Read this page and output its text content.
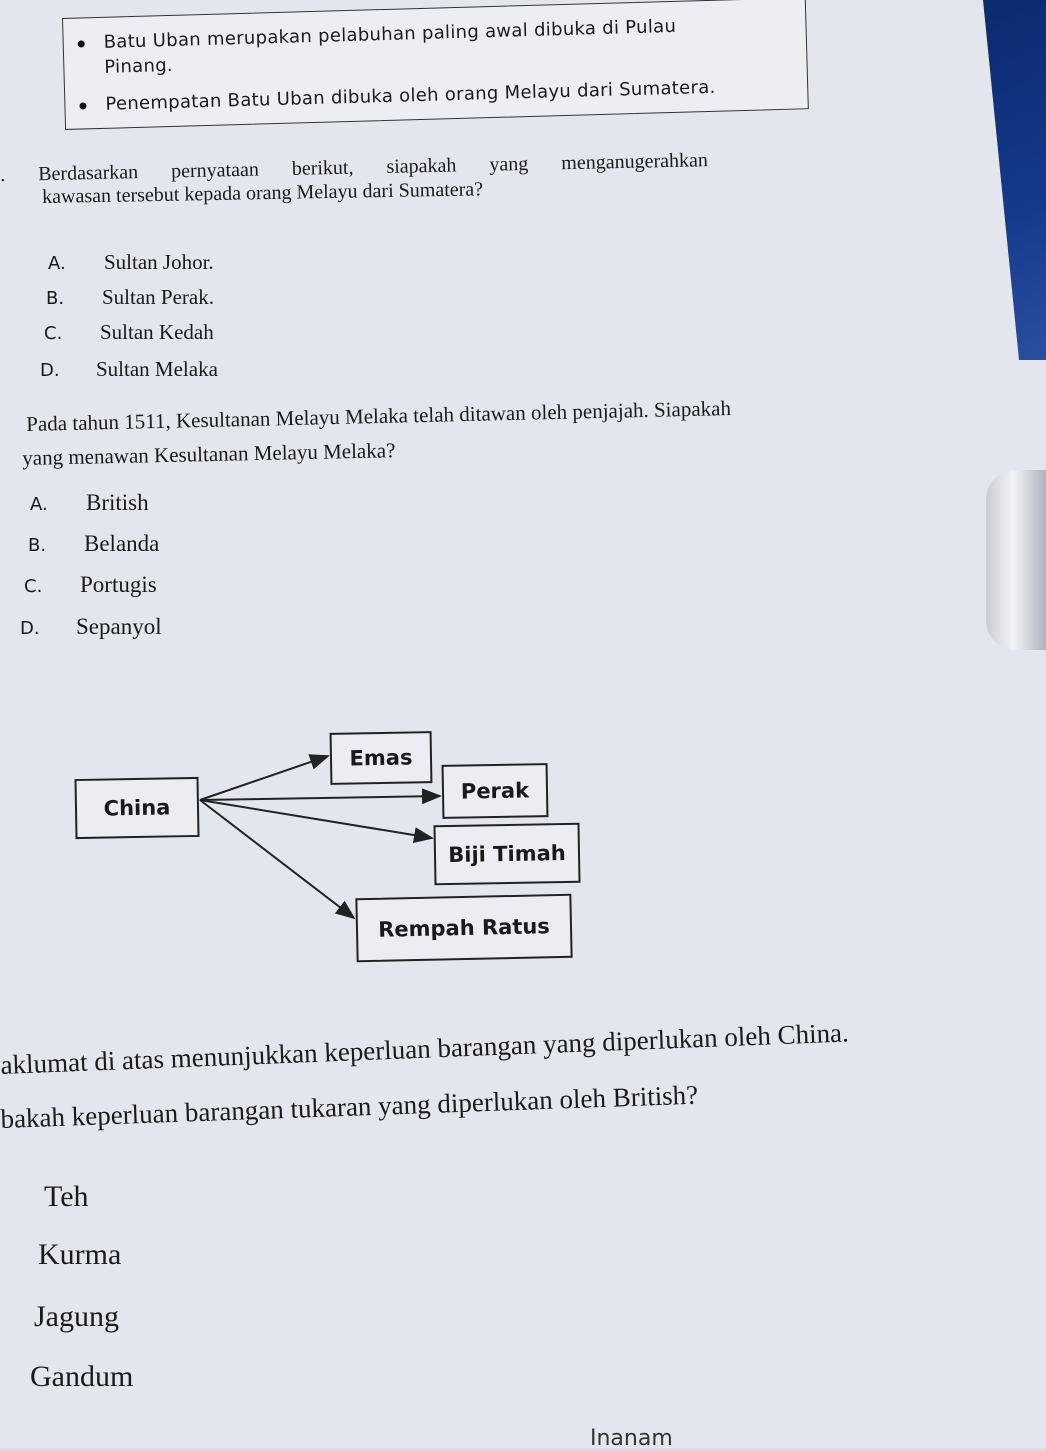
Batu Uban merupakan pelabuhan paling awal dibuka di Pulau
Pinang.
Penempatan Batu Uban dibuka oleh orang Melayu dari Sumatera.
. Berdasarkan pernyataan berikut, siapakah yang menganugerahkan
kawasan tersebut kepada orang Melayu dari Sumatera?
A. Sultan Johor.
B. Sultan Perak.
C. Sultan Kedah
D. Sultan Melaka
Pada tahun 1511, Kesultanan Melayu Melaka telah ditawan oleh penjajah. Siapakah
yang menawan Kesultanan Melayu Melaka?
A. British
B. Belanda
C. Portugis
D. Sepanyol
China
Emas
Perak
Biji Timah
Rempah Ratus
aklumat di atas menunjukkan keperluan barangan yang diperlukan oleh China.
bakah keperluan barangan tukaran yang diperlukan oleh British?
Teh
Kurma
Jagung
Gandum
Inanam
